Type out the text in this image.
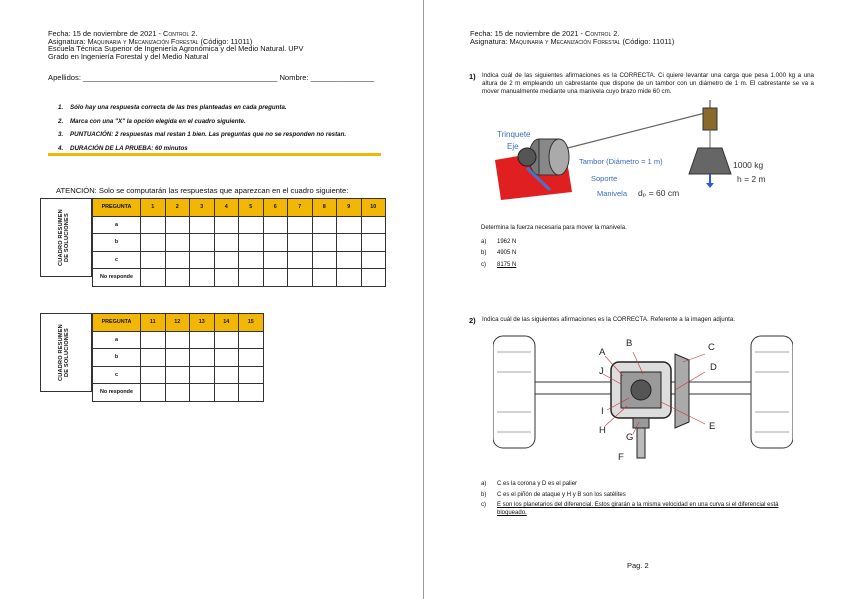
Fecha: 15 de noviembre de 2021 - Control 2.
Asignatura: Maquinaria y Mecanización Forestal (Código: 11011)
Escuela Técnica Superior de Ingeniería Agronómica y del Medio Natural. UPV
Grado en Ingeniería Forestal y del Medio Natural
Apellidos: ______________________________________________ Nombre: _______________
1.	Sólo hay una respuesta correcta de las tres planteadas en cada pregunta.
2.	Marca con una "X" la opción elegida en el cuadro siguiente.
3.	PUNTUACIÓN: 2 respuestas mal restan 1 bien. Las preguntas que no se responden no restan.
4.	DURACIÓN DE LA PRUEBA: 60 minutos
ATENCIÓN: Solo se computarán las respuestas que aparezcan en el cuadro siguiente:
CUADRO RESUMEN DE SOLUCIONES
PREGUNTA	1	2	3	4	5	6	7	8	9	10
a										
b										
c										
No responde										
CUADRO RESUMEN DE SOLUCIONES
PREGUNTA	11	12	13	14	15
a					
b					
c					
No responde					
Fecha: 15 de noviembre de 2021 - Control 2.
Asignatura: Maquinaria y Mecanización Forestal (Código: 11011)
1) Indica cuál de las siguientes afirmaciones es la CORRECTA. Ci quiere levantar una carga que pesa 1.000 kg a una altura de 2 m empleando un cabrestante que dispone de un tambor con un diámetro de 1 m. El cabrestante se va a mover manualmente mediante una manivela cuyo brazo mide 60 cm.
Trinquete
Eje
Tambor (Diámetro = 1 m)
Soporte
Manivela dₚ = 60 cm
1000 kg
h = 2 m
Determina la fuerza necesaria para mover la manivela.
a)	1962 N
b)	4905 N
c)	8175 N
2) Indica cuál de las siguientes afirmaciones es la CORRECTA. Referente a la imagen adjunta.
A
B	C
D
J
I
H
G
F
E
a)	C es la corona y D es el palier
b)	C es el piñón de ataque y H y B son los satélites
c)	E son los planetarios del diferencial. Estos girarán a la misma velocidad en una curva si el diferencial está bloqueado.
Pag. 2
